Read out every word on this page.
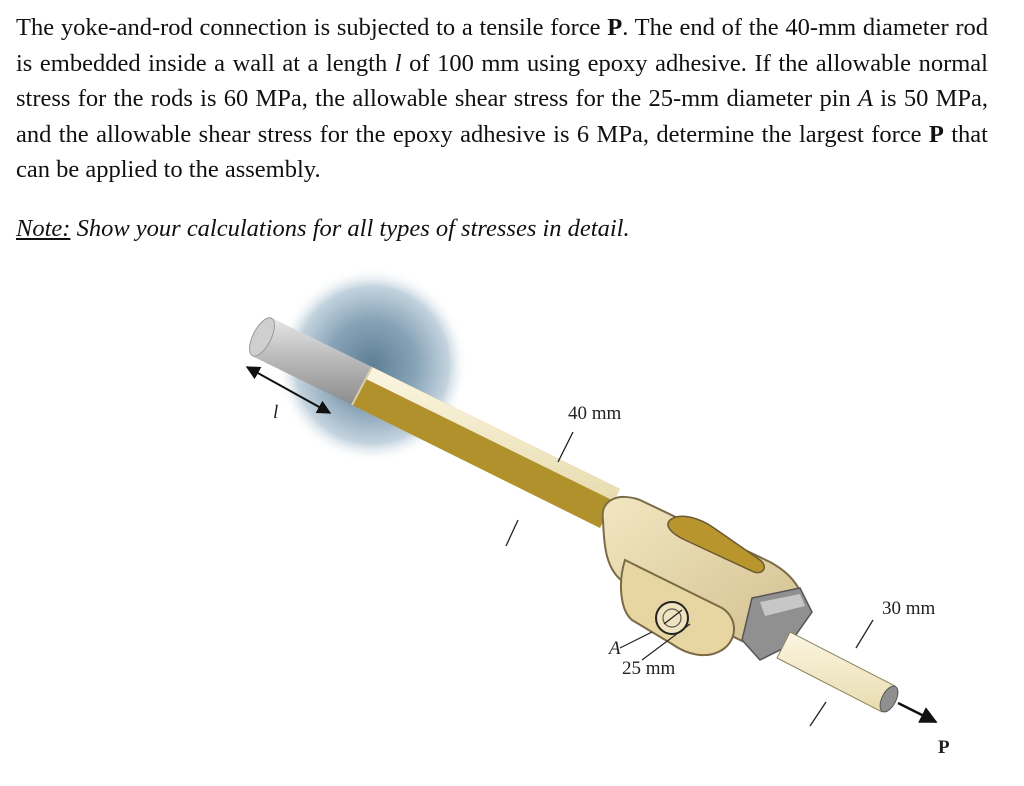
The yoke-and-rod connection is subjected to a tensile force P. The end of the 40-mm diameter rod is embedded inside a wall at a length l of 100 mm using epoxy adhesive. If the allowable normal stress for the rods is 60 MPa, the allowable shear stress for the 25-mm diameter pin A is 50 MPa, and the allowable shear stress for the epoxy adhesive is 6 MPa, determine the largest force P that can be applied to the assembly.
Note: Show your calculations for all types of stresses in detail.
l	40 mm
A
25 mm
30 mm
P
